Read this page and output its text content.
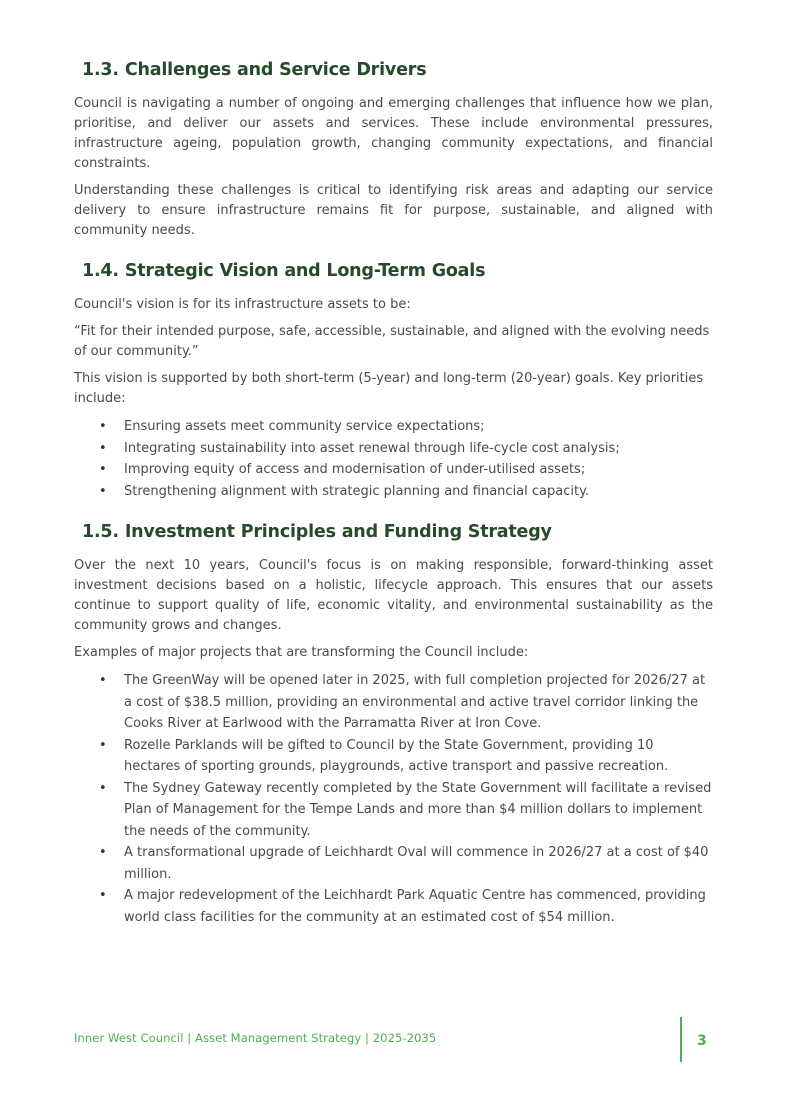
1.3. Challenges and Service Drivers

Council is navigating a number of ongoing and emerging challenges that influence how we plan, prioritise, and deliver our assets and services. These include environmental pressures, infrastructure ageing, population growth, changing community expectations, and financial constraints.

Understanding these challenges is critical to identifying risk areas and adapting our service delivery to ensure infrastructure remains fit for purpose, sustainable, and aligned with community needs.

1.4. Strategic Vision and Long-Term Goals

Council's vision is for its infrastructure assets to be:

“Fit for their intended purpose, safe, accessible, sustainable, and aligned with the evolving needs of our community.”

This vision is supported by both short-term (5-year) and long-term (20-year) goals. Key priorities include:

• Ensuring assets meet community service expectations;
• Integrating sustainability into asset renewal through life-cycle cost analysis;
• Improving equity of access and modernisation of under-utilised assets;
• Strengthening alignment with strategic planning and financial capacity.
1.5. Investment Principles and Funding Strategy

Over the next 10 years, Council's focus is on making responsible, forward-thinking asset investment decisions based on a holistic, lifecycle approach. This ensures that our assets continue to support quality of life, economic vitality, and environmental sustainability as the community grows and changes.

Examples of major projects that are transforming the Council include:

• The GreenWay will be opened later in 2025, with full completion projected for 2026/27 at a cost of $38.5 million, providing an environmental and active travel corridor linking the Cooks River at Earlwood with the Parramatta River at Iron Cove.
• Rozelle Parklands will be gifted to Council by the State Government, providing 10 hectares of sporting grounds, playgrounds, active transport and passive recreation.
• The Sydney Gateway recently completed by the State Government will facilitate a revised Plan of Management for the Tempe Lands and more than $4 million dollars to implement the needs of the community.
• A transformational upgrade of Leichhardt Oval will commence in 2026/27 at a cost of $40 million.
• A major redevelopment of the Leichhardt Park Aquatic Centre has commenced, providing world class facilities for the community at an estimated cost of $54 million.
Inner West Council | Asset Management Strategy | 2025-2035	3
